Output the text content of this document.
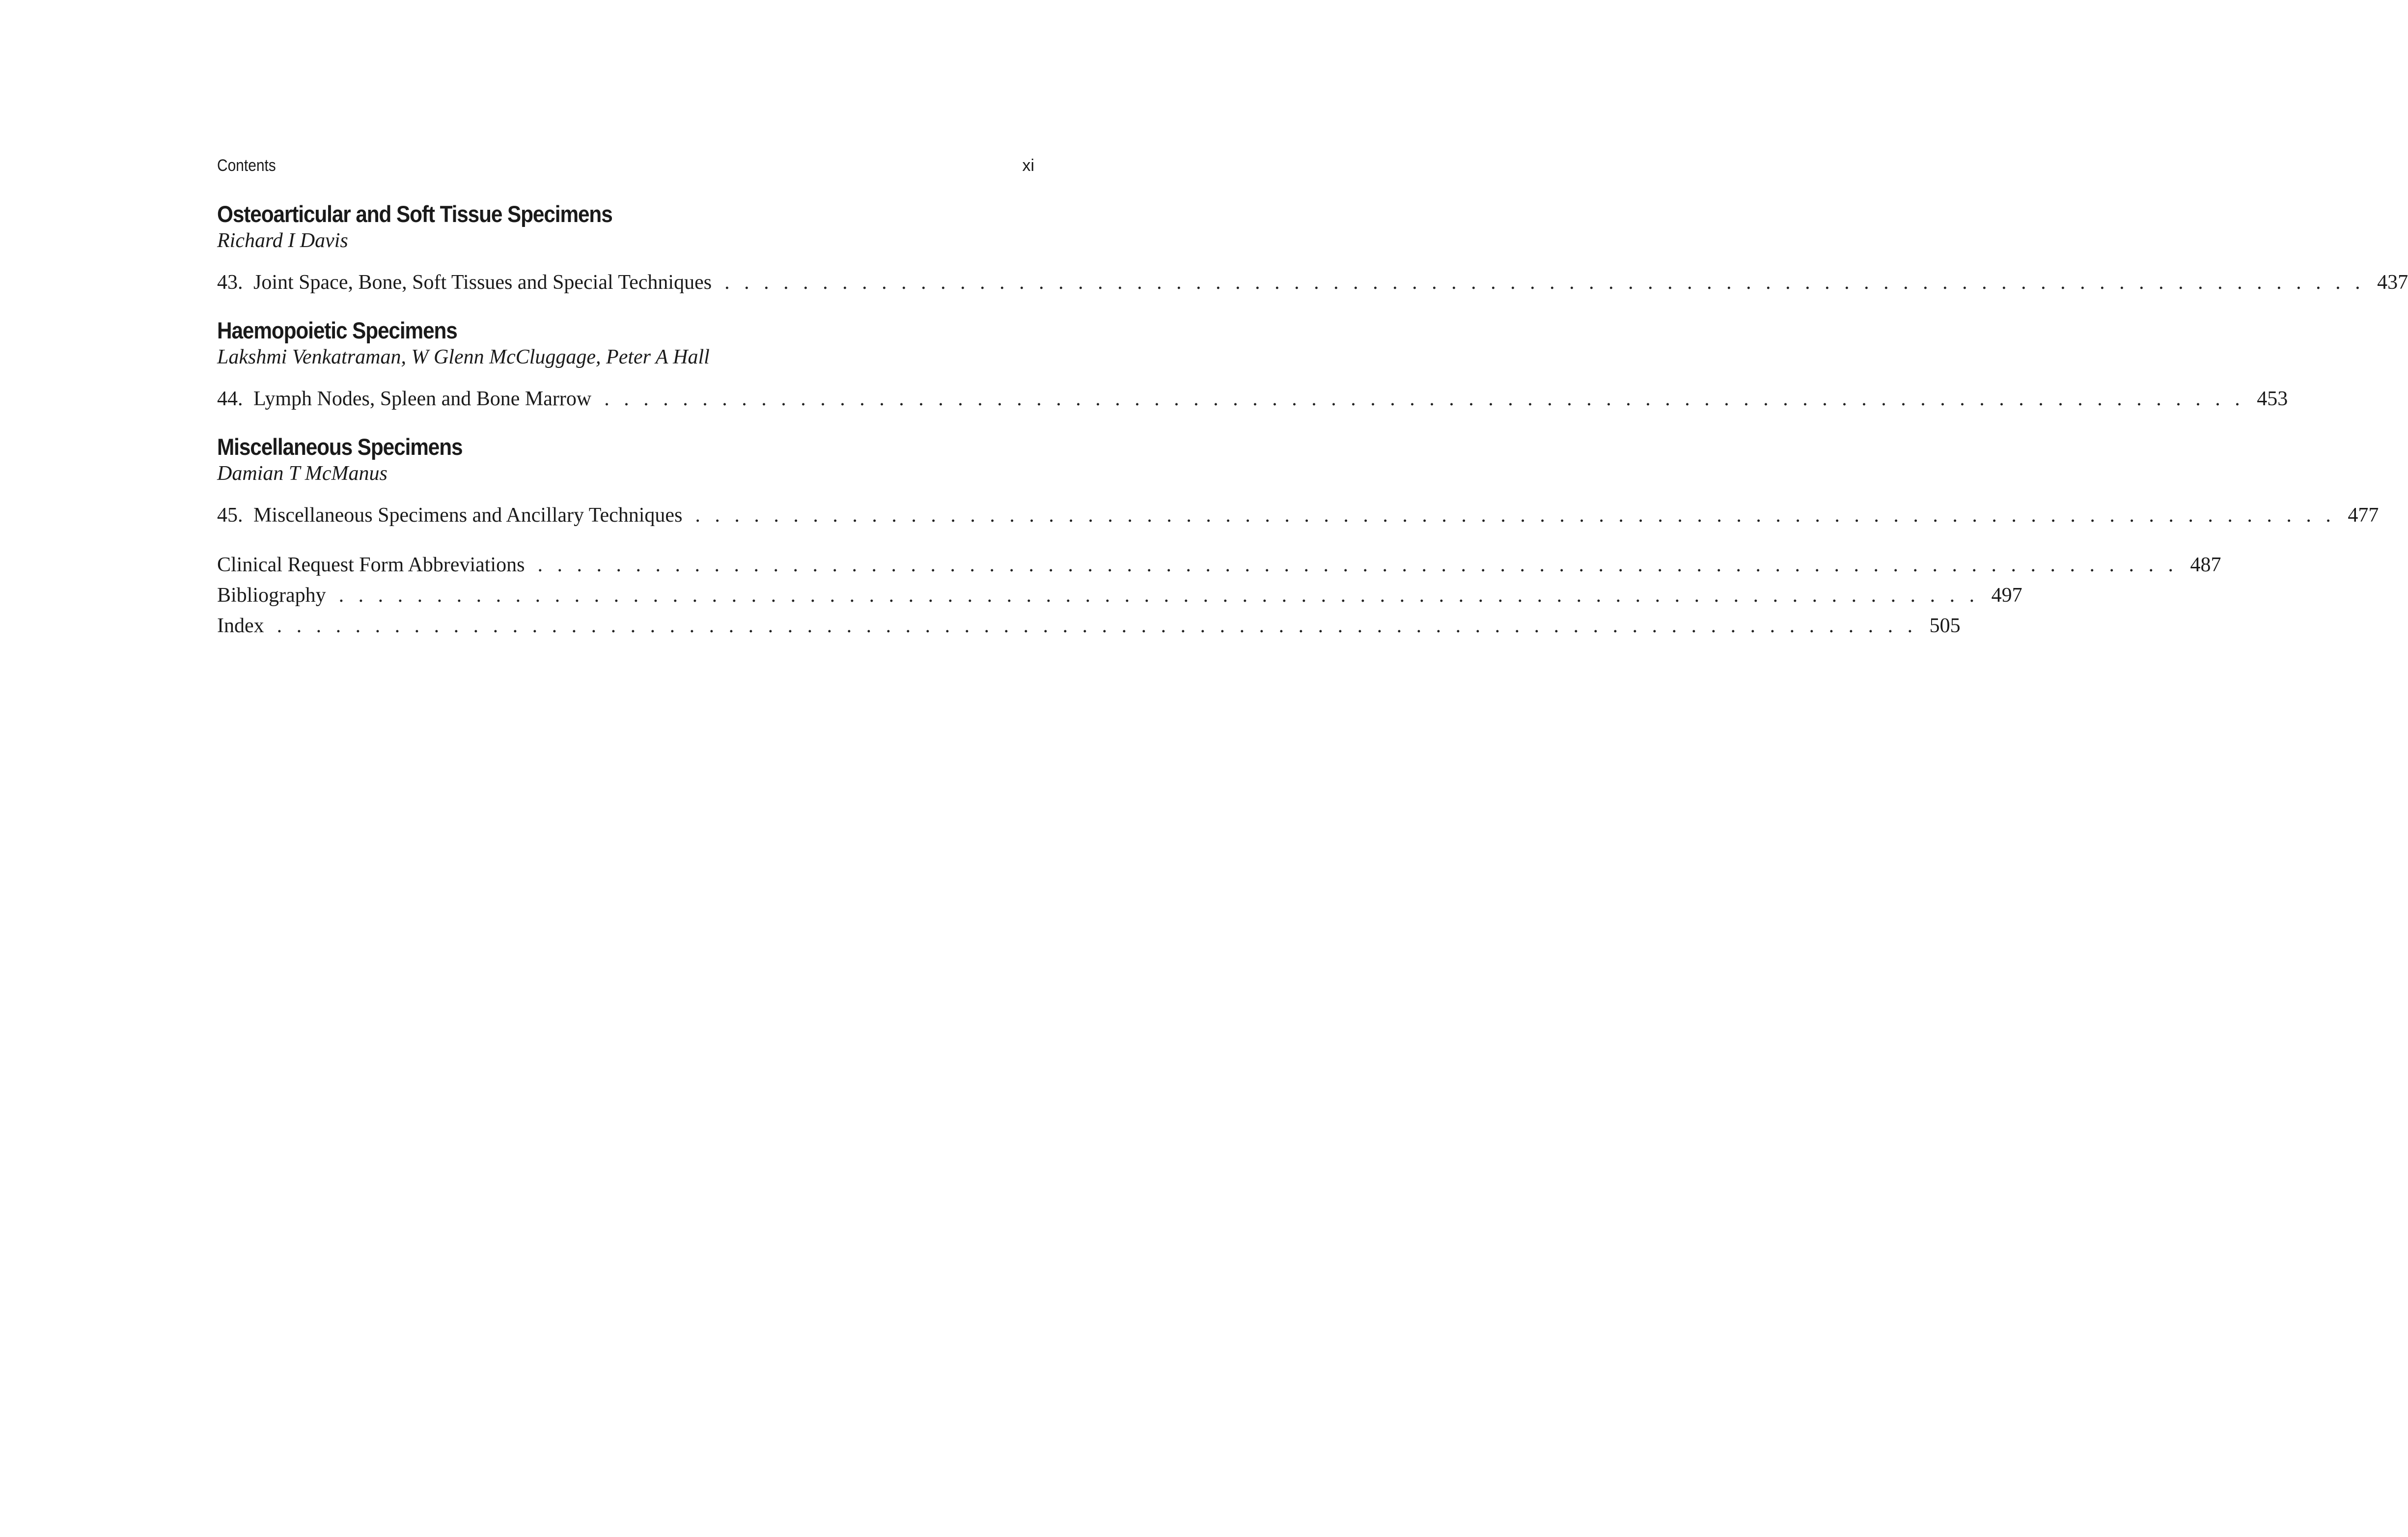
Contents	xi
Osteoarticular and Soft Tissue Specimens
Richard I Davis
43. Joint Space, Bone, Soft Tissues and Special Techniques . . . . . . . . . . . . . . . . . . . . . . . . . . . . . . . . . . . . . . . . . . . . . . . . . . . . . . . . . . . . . . . . . . . . . . . . . . . . . . . . . . . . 437
Haemopoietic Specimens
Lakshmi Venkatraman, W Glenn McCluggage, Peter A Hall
44. Lymph Nodes, Spleen and Bone Marrow . . . . . . . . . . . . . . . . . . . . . . . . . . . . . . . . . . . . . . . . . . . . . . . . . . . . . . . . . . . . . . . . . . . . . . . . . . . . . . . . . . . . 453
Miscellaneous Specimens
Damian T McManus
45. Miscellaneous Specimens and Ancillary Techniques . . . . . . . . . . . . . . . . . . . . . . . . . . . . . . . . . . . . . . . . . . . . . . . . . . . . . . . . . . . . . . . . . . . . . . . . . . . . . . . . . . . . 477
Clinical Request Form Abbreviations . . . . . . . . . . . . . . . . . . . . . . . . . . . . . . . . . . . . . . . . . . . . . . . . . . . . . . . . . . . . . . . . . . . . . . . . . . . . . . . . . . . . 487
Bibliography . . . . . . . . . . . . . . . . . . . . . . . . . . . . . . . . . . . . . . . . . . . . . . . . . . . . . . . . . . . . . . . . . . . . . . . . . . . . . . . . . . . . 497
Index . . . . . . . . . . . . . . . . . . . . . . . . . . . . . . . . . . . . . . . . . . . . . . . . . . . . . . . . . . . . . . . . . . . . . . . . . . . . . . . . . . . . 505
